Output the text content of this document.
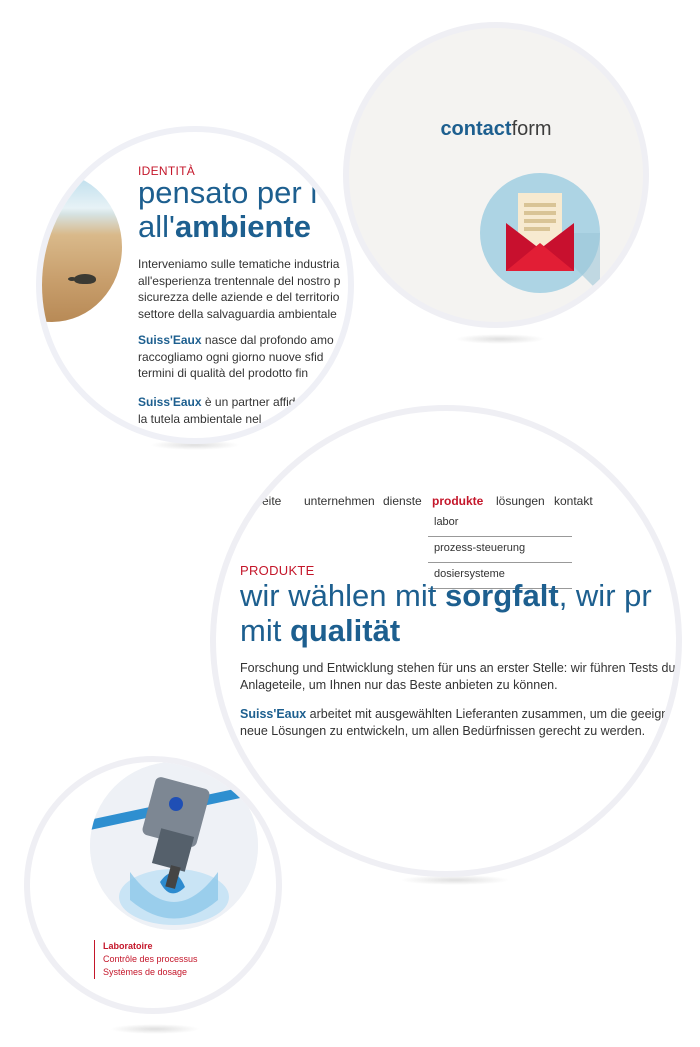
IDENTITÀ
pensato per l
all'ambiente
Interveniamo sulle tematiche industria
all'esperienza trentennale del nostro p
sicurezza delle aziende e del territorio
settore della salvaguardia ambientale
Suiss'Eaux nasce dal profondo amo
raccogliamo ogni giorno nuove sfid
termini di qualità del prodotto fin
Suiss'Eaux è un partner affid
la tutela ambientale nel
contactform
artseite unternehmen dienste produkte lösungen kontakt
labor
prozess-steuerung
dosiersysteme
PRODUKTE
wir wählen mit sorgfalt, wir pr
mit qualität
Forschung und Entwicklung stehen für uns an erster Stelle: wir führen Tests du
Anlageteile, um Ihnen nur das Beste anbieten zu können.
Suiss'Eaux arbeitet mit ausgewählten Lieferanten zusammen, um die geeign
neue Lösungen zu entwickeln, um allen Bedürfnissen gerecht zu werden.
Laboratoire
Contrôle des processus
Systèmes de dosage
